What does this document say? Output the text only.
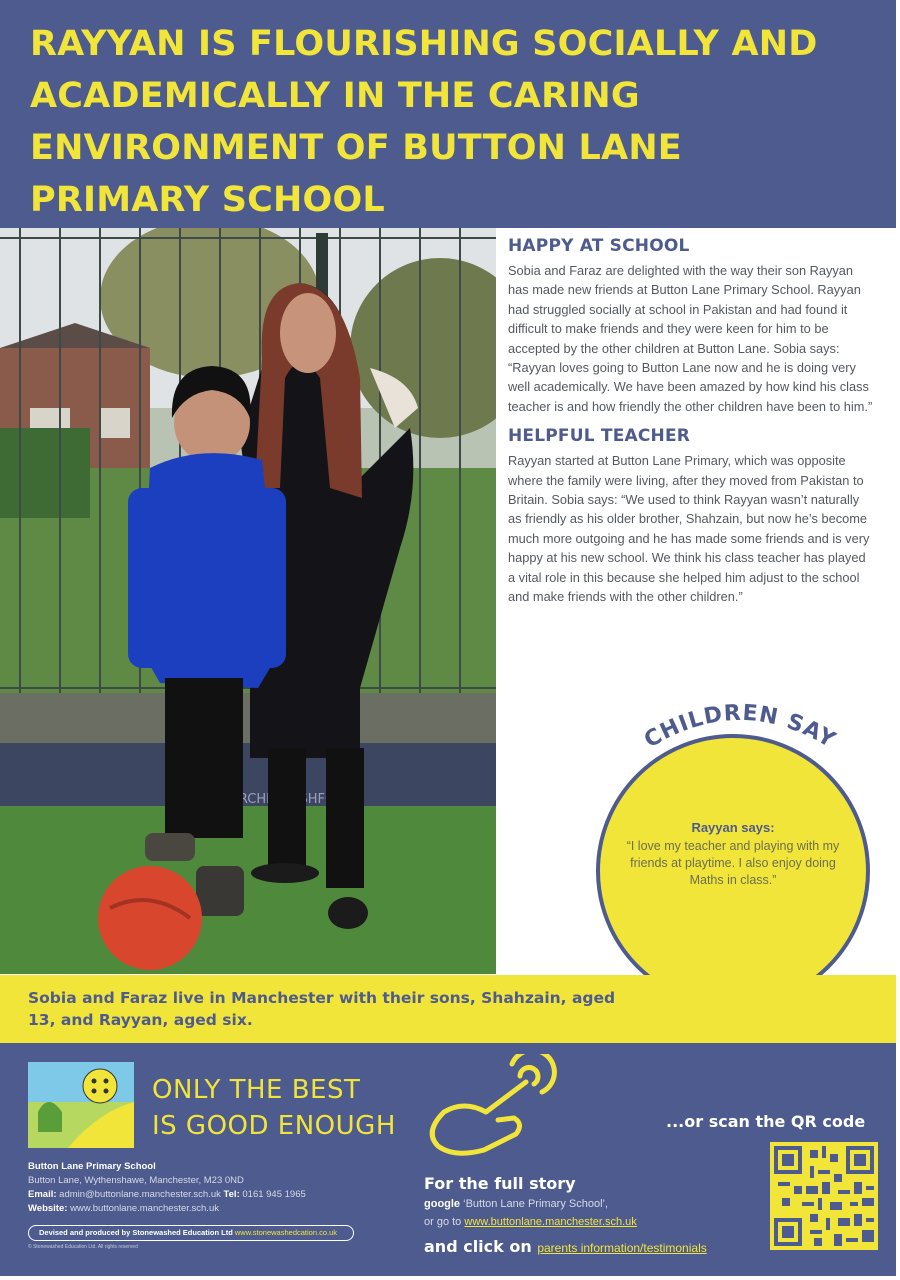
RAYYAN IS FLOURISHING SOCIALLY AND ACADEMICALLY IN THE CARING ENVIRONMENT OF BUTTON LANE PRIMARY SCHOOL
ARCHIE ASHFORD
HAPPY AT SCHOOL

Sobia and Faraz are delighted with the way their son Rayyan has made new friends at Button Lane Primary School. Rayyan had struggled socially at school in Pakistan and had found it difficult to make friends and they were keen for him to be accepted by the other children at Button Lane. Sobia says: “Rayyan loves going to Button Lane now and he is doing very well academically. We have been amazed by how kind his class teacher is and how friendly the other children have been to him.”

HELPFUL TEACHER

Rayyan started at Button Lane Primary, which was opposite where the family were living, after they moved from Pakistan to Britain. Sobia says: “We used to think Rayyan wasn’t naturally as friendly as his older brother, Shahzain, but now he’s become much more outgoing and he has made some friends and is very happy at his new school. We think his class teacher has played a vital role in this because she helped him adjust to the school and make friends with the other children.”

CHILDREN SAY
Rayyan says:
“I love my teacher and playing with my friends at playtime. I also enjoy doing Maths in class.”

Sobia and Faraz live in Manchester with their sons, Shahzain, aged 13, and Rayyan, aged six.

ONLY THE BEST
IS GOOD ENOUGH	...or scan the QR code
Button Lane Primary School
Button Lane, Wythenshawe, Manchester, M23 0ND
Email: admin@buttonlane.manchester.sch.uk Tel: 0161 945 1965
Website: www.buttonlane.manchester.sch.uk
Devised and produced by Stonewashed Education Ltd www.stonewashedcation.co.uk
© Stonewashed Education Ltd. All rights reserved
For the full story
google ‘Button Lane Primary School’,
or go to www.buttonlane.manchester.sch.uk
and click on parents information/testimonials
